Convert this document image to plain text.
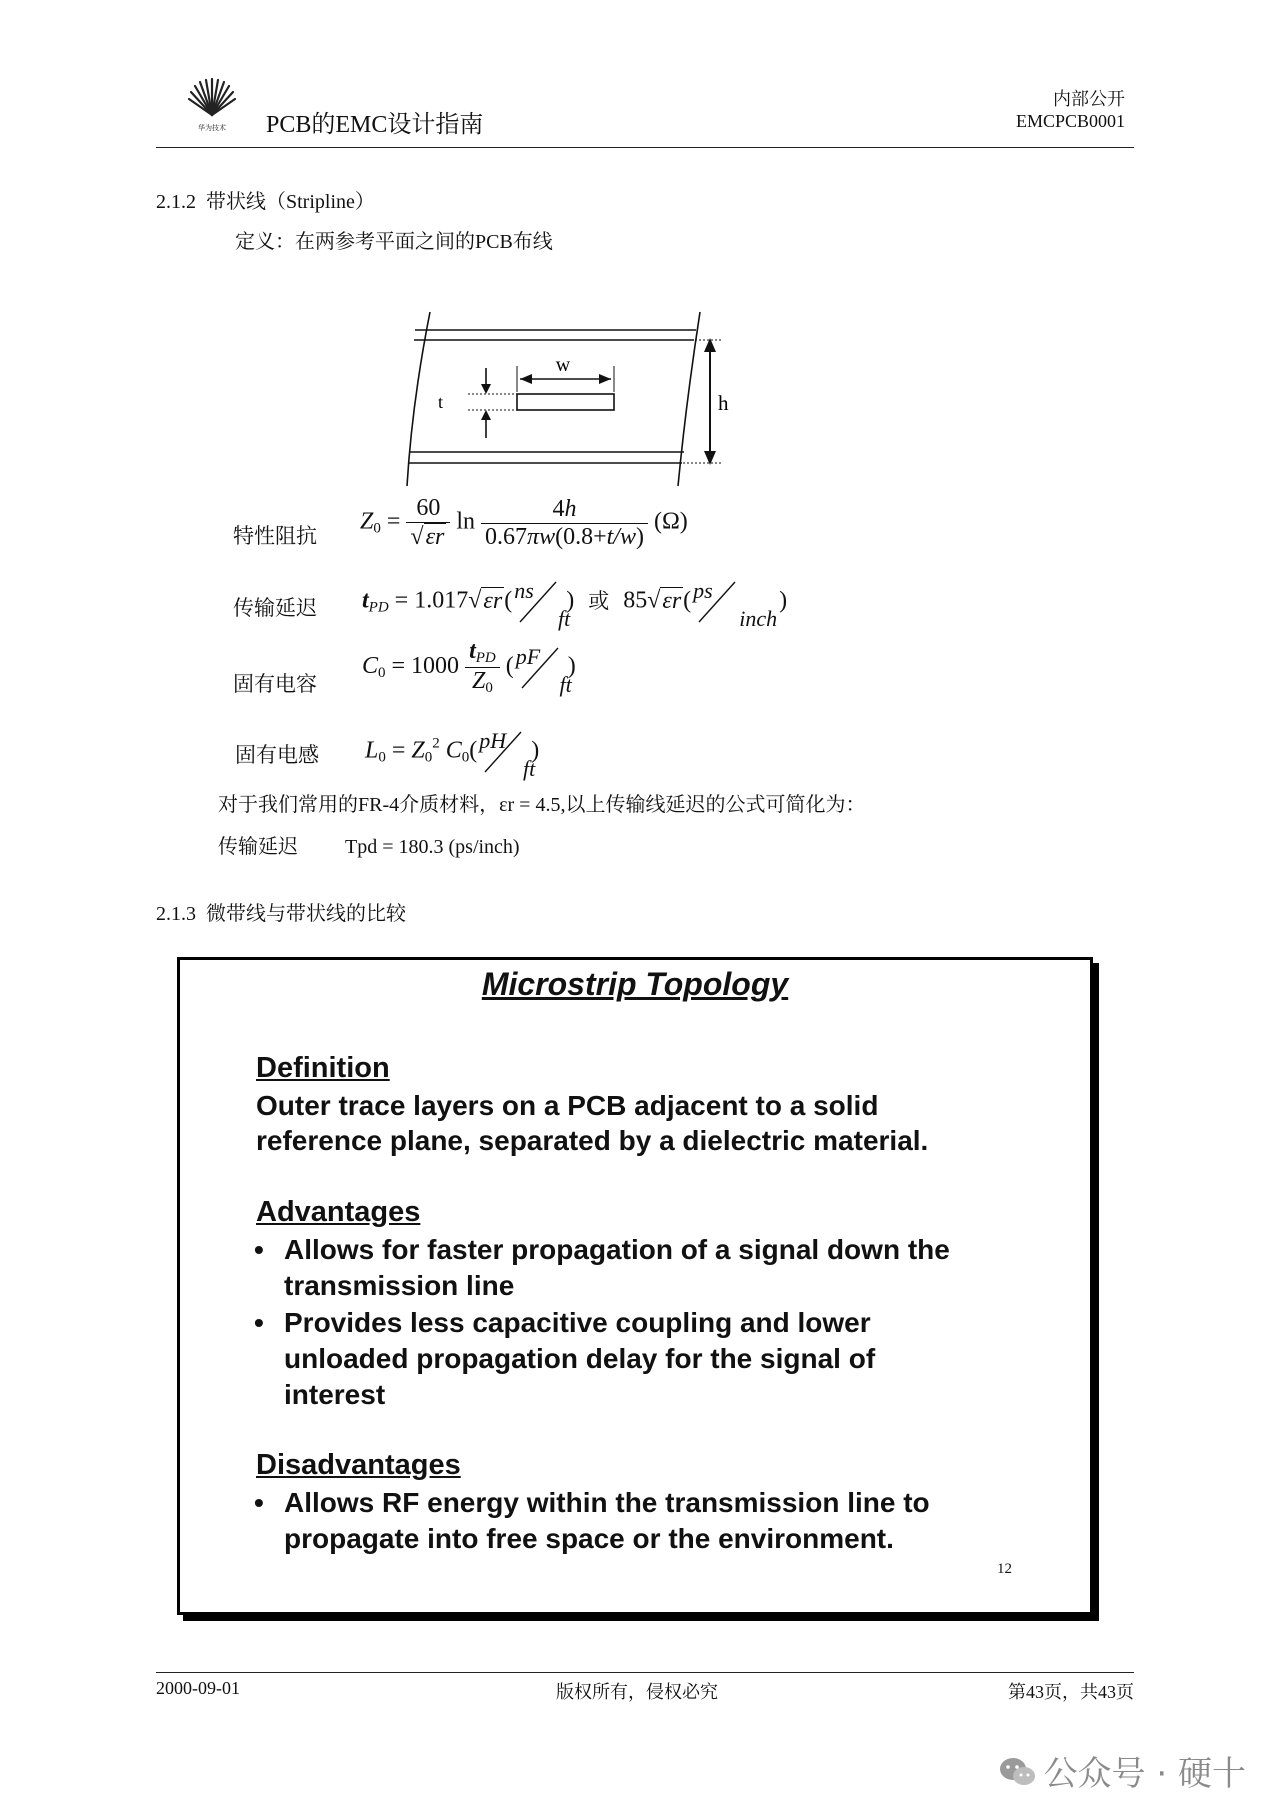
华为技术 PCB的EMC设计指南
内部公开
EMCPCB0001
2.1.2 带状线（Stripline）
定义：在两参考平面之间的PCB布线
w
t	h
特性阻抗
$Z_0 = \frac{60}{√\varepsilon r}$ $\ln \frac{4h}{0.67\pi w(0.8+t/w)} (\Omega)$
传输延迟 $t_{PD} = 1.017√\varepsilon r$( ns
ft
) 或 85√εr( ps
inch
)
固有电容
$C_0 = 1000 \frac{t_{PD}}{Z_0}$ ( pF
ft
)
固有电感 $L_0 = Z_0^2$ $C_0$( pH
ft
)
对于我们常用的FR-4介质材料，εr = 4.5,以上传输线延迟的公式可简化为：
传输延迟 Tpd = 180.3 (ps/inch)
2.1.3 微带线与带状线的比较
Microstrip Topology
Definition
Outer trace layers on a PCB adjacent to a solid
reference plane, separated by a dielectric material.
Advantages
• Allows for faster propagation of a signal down the
transmission line
• Provides less capacitive coupling and lower
unloaded propagation delay for the signal of
interest
Disadvantages
• Allows RF energy within the transmission line to
propagate into free space or the environment.
12
2000-09-01	版权所有，侵权必究	第43页，共43页
公众号 · 硬十
